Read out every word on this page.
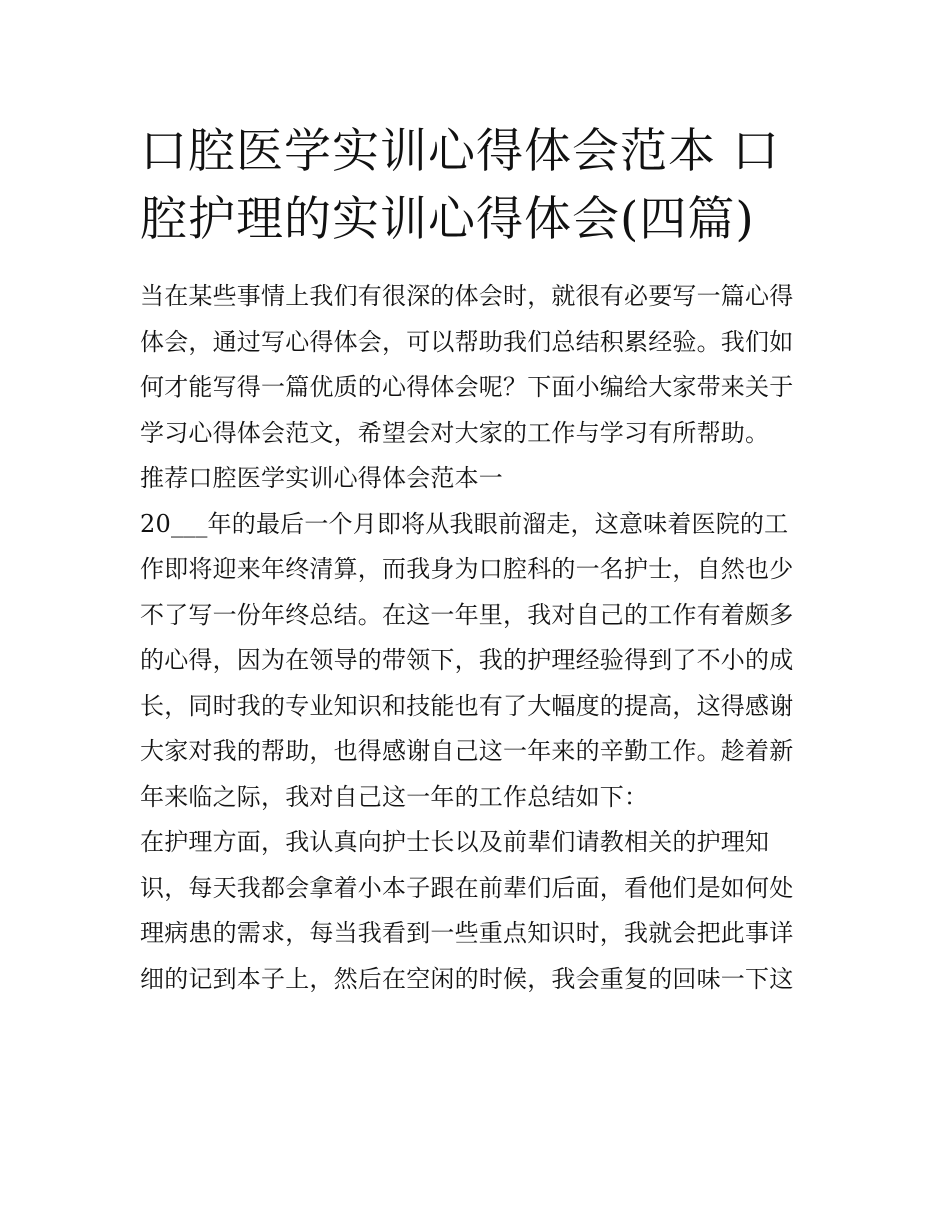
口腔医学实训心得体会范本 口
腔护理的实训心得体会(四篇)

当在某些事情上我们有很深的体会时，就很有必要写一篇心得
体会，通过写心得体会，可以帮助我们总结积累经验。我们如
何才能写得一篇优质的心得体会呢？下面小编给大家带来关于
学习心得体会范文，希望会对大家的工作与学习有所帮助。

推荐口腔医学实训心得体会范本一

20___年的最后一个月即将从我眼前溜走，这意味着医院的工
作即将迎来年终清算，而我身为口腔科的一名护士，自然也少
不了写一份年终总结。在这一年里，我对自己的工作有着颇多
的心得，因为在领导的带领下，我的护理经验得到了不小的成
长，同时我的专业知识和技能也有了大幅度的提高，这得感谢
大家对我的帮助，也得感谢自己这一年来的辛勤工作。趁着新
年来临之际，我对自己这一年的工作总结如下：

在护理方面，我认真向护士长以及前辈们请教相关的护理知
识，每天我都会拿着小本子跟在前辈们后面，看他们是如何处
理病患的需求，每当我看到一些重点知识时，我就会把此事详
细的记到本子上，然后在空闲的时候，我会重复的回味一下这
